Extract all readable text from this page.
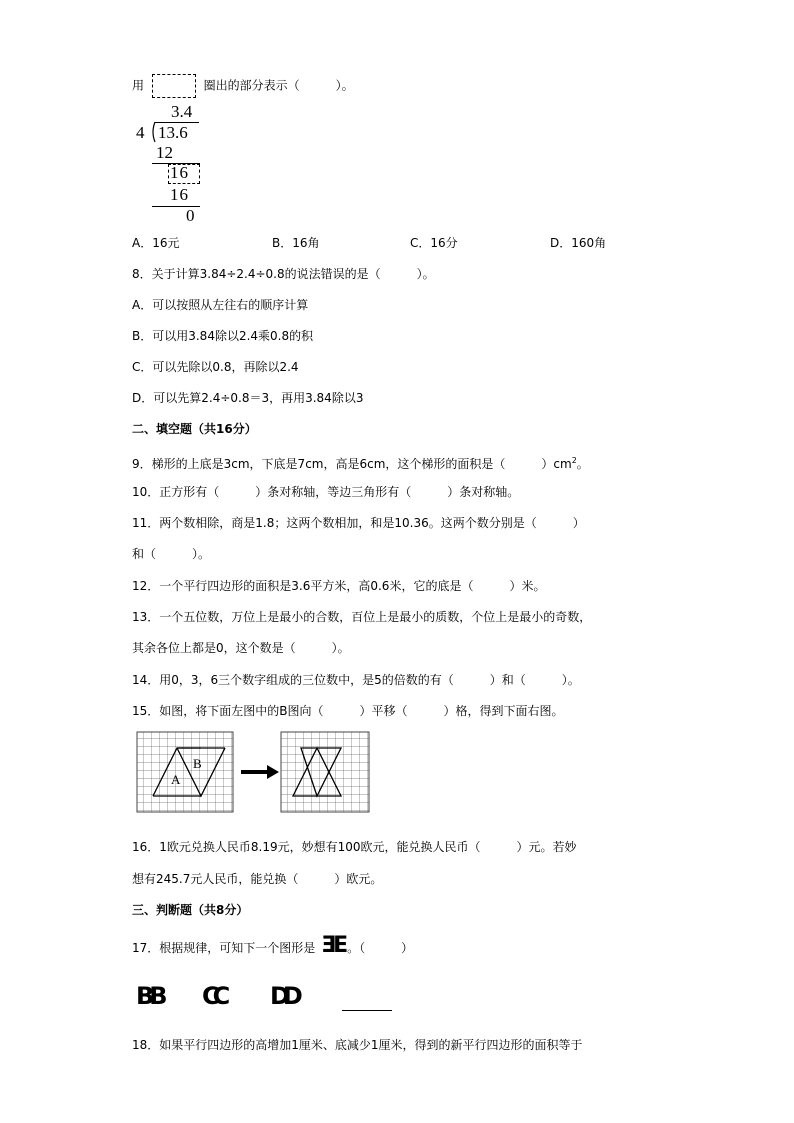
用	圈出的部分表示（　　　）。
3.4
4 13.6
12
16
16
0
A．16元	B．16角	C．16分	D．160角
8．关于计算3.84÷2.4÷0.8的说法错误的是（　　　）。
A．可以按照从左往右的顺序计算
B．可以用3.84除以2.4乘0.8的积
C．可以先除以0.8，再除以2.4
D．可以先算2.4÷0.8＝3，再用3.84除以3
二、填空题（共16分）
9．梯形的上底是3cm，下底是7cm，高是6cm，这个梯形的面积是（　　　）$cm^2$。
10．正方形有（　　　）条对称轴，等边三角形有（　　　）条对称轴。
11．两个数相除，商是1.8；这两个数相加，和是10.36。这两个数分别是（　　　）
和（　　　）。
12．一个平行四边形的面积是3.6平方米，高0.6米，它的底是（　　　）米。
13．一个五位数，万位上是最小的合数，百位上是最小的质数，个位上是最小的奇数，
其余各位上都是0，这个数是（　　　）。
14．用0，3，6三个数字组成的三位数中，是5的倍数的有（　　　）和（　　　）。
15．如图，将下面左图中的B图向（　　　）平移（　　　）格，得到下面右图。
A
B
16．1欧元兑换人民币8.19元，妙想有100欧元，能兑换人民币（　　　）元。若妙
想有245.7元人民币，能兑换（　　　）欧元。
三、判断题（共8分）
17．根据规律，可知下一个图形是 ƎE 。（　　　）
BB CC DD
18．如果平行四边形的高增加1厘米、底减少1厘米，得到的新平行四边形的面积等于
